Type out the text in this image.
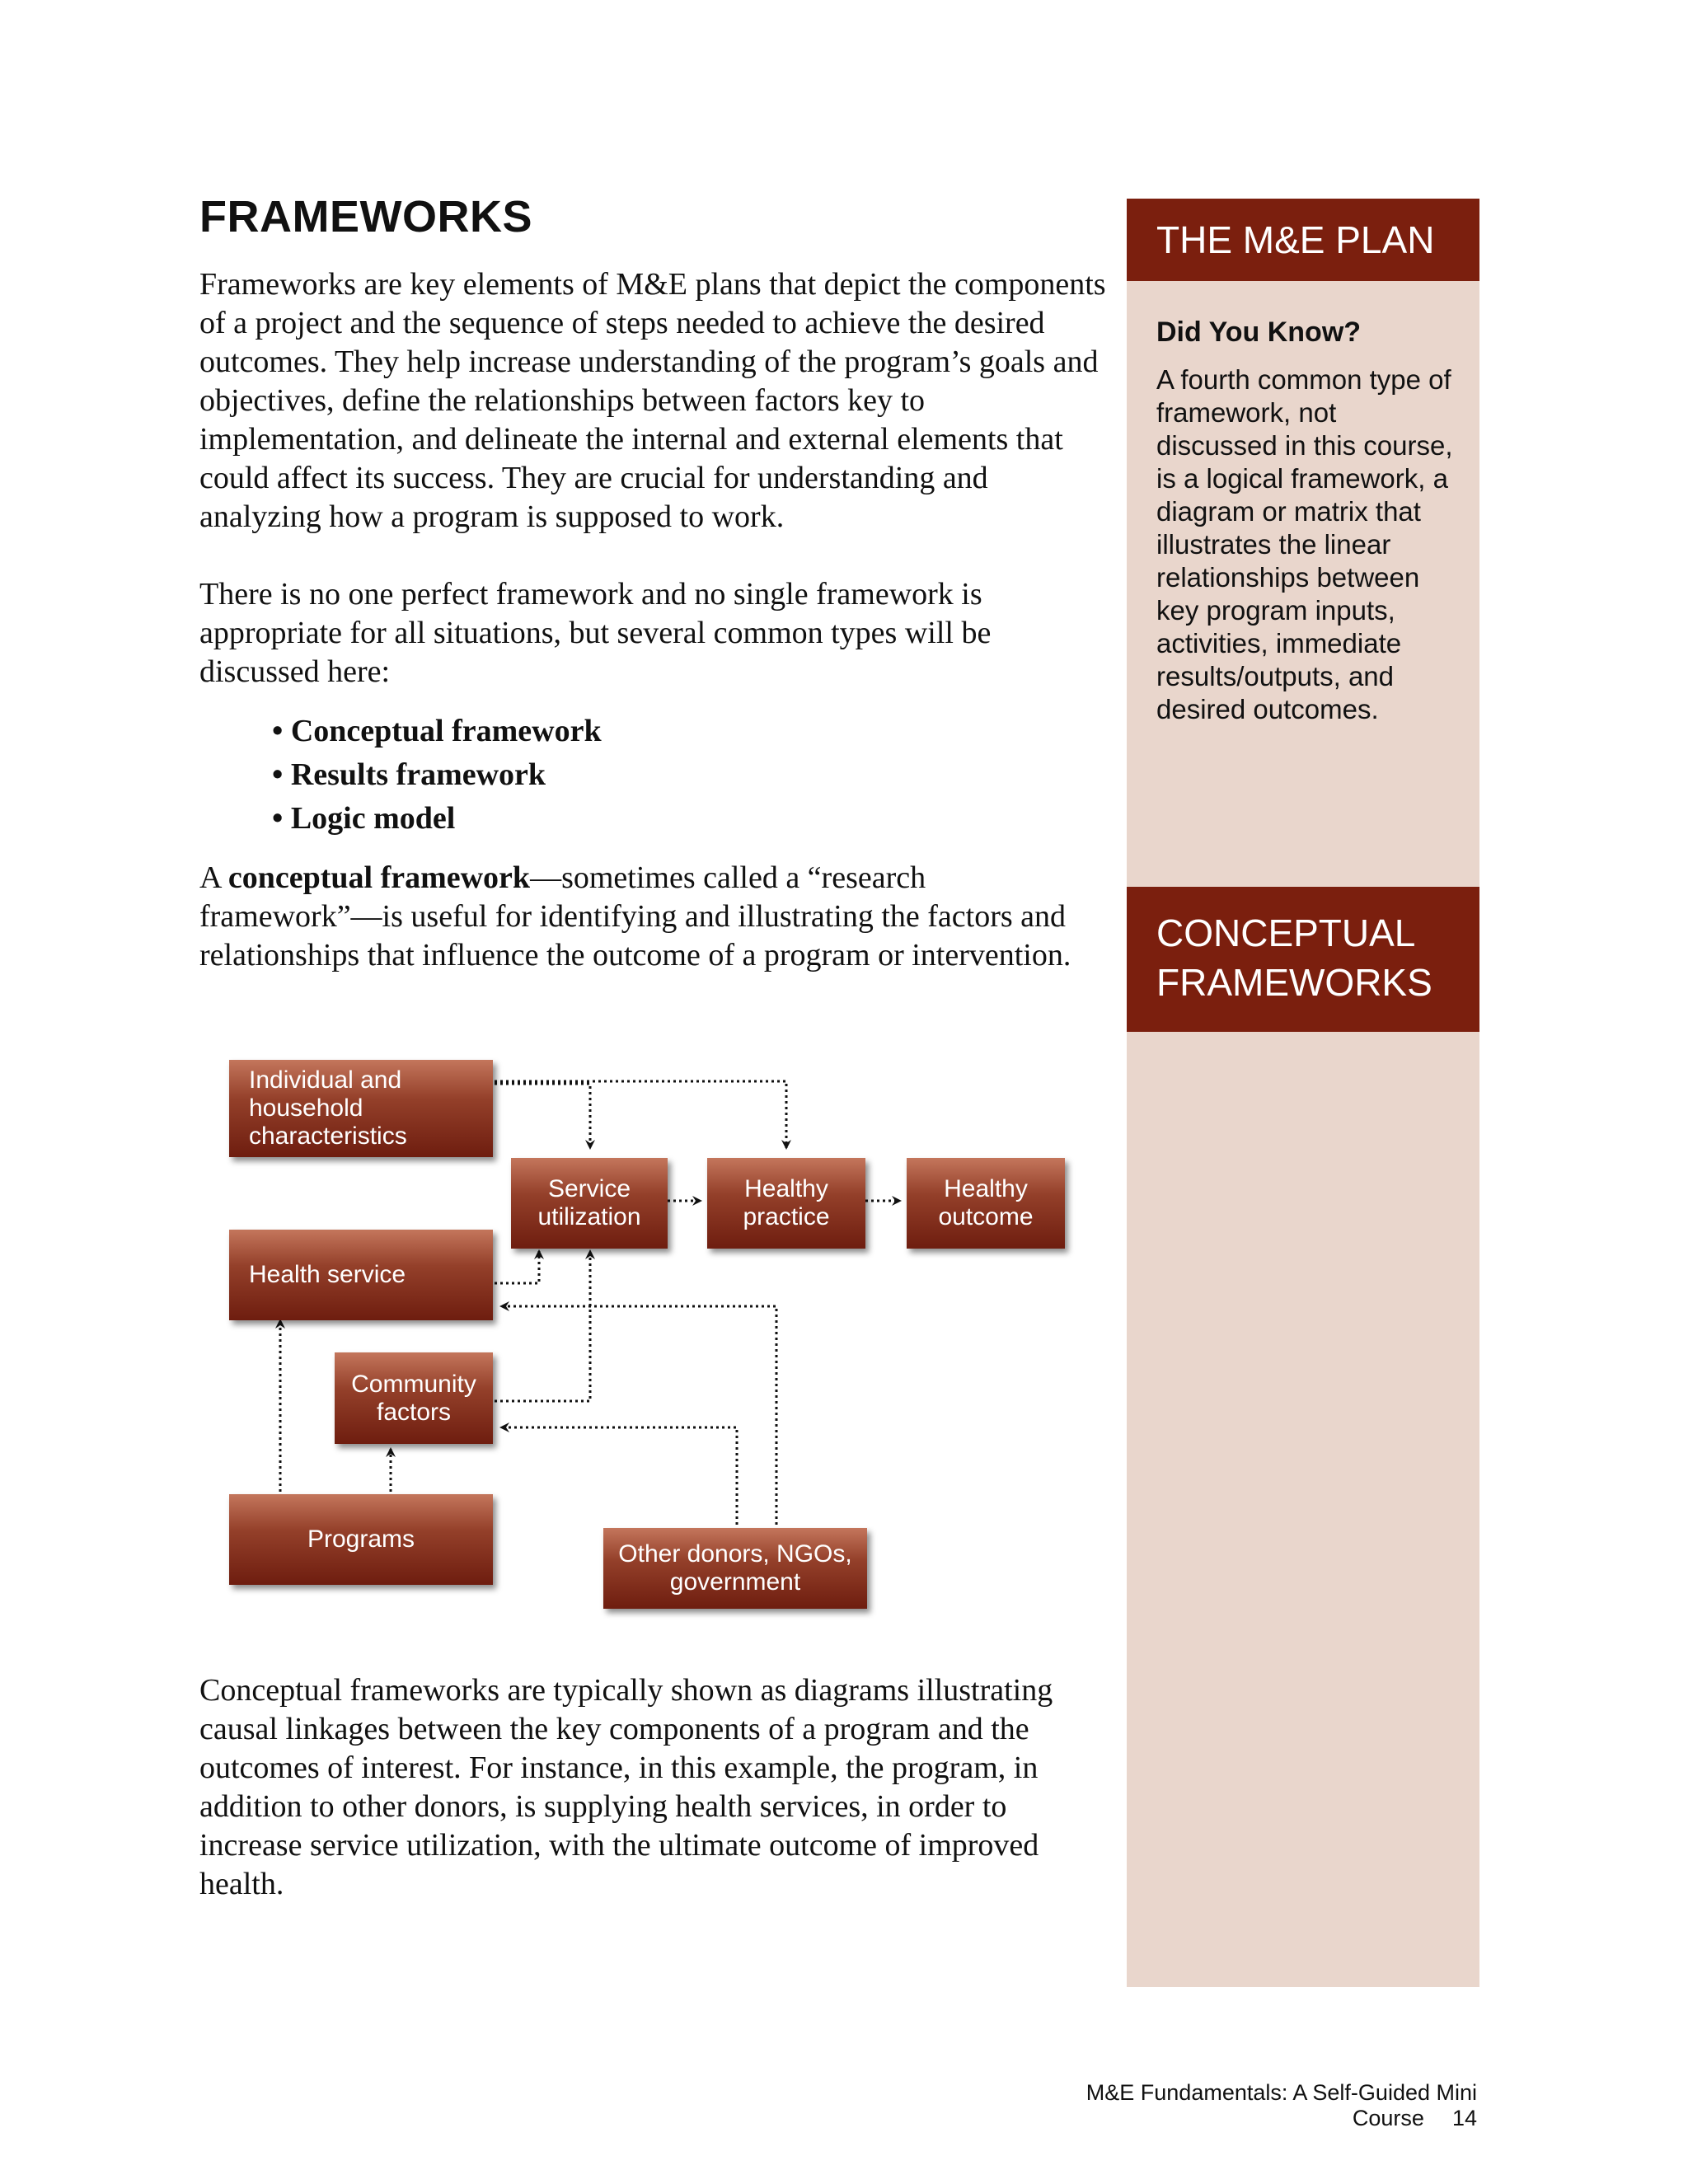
FRAMEWORKS

Frameworks are key elements of M&E plans that depict the components of a project and the sequence of steps needed to achieve the desired outcomes. They help increase understanding of the program’s goals and objectives, define the relationships between factors key to implementation, and delineate the internal and external elements that could affect its success. They are crucial for understanding and analyzing how a program is supposed to work.

There is no one perfect framework and no single framework is appropriate for all situations, but several common types will be discussed here:

• Conceptual framework
• Results framework
• Logic model

A conceptual framework—sometimes called a “research framework”—is useful for identifying and illustrating the factors and relationships that influence the outcome of a program or intervention.

Individual and household characteristics
Service utilization
Healthy practice
Healthy outcome
Health service
Community factors
Programs
Other donors, NGOs, government

Conceptual frameworks are typically shown as diagrams illustrating causal linkages between the key components of a program and the outcomes of interest. For instance, in this example, the program, in addition to other donors, is supplying health services, in order to increase service utilization, with the ultimate outcome of improved health.

THE M&E PLAN
Did You Know?

A fourth common type of framework, not discussed in this course, is a logical framework, a diagram or matrix that illustrates the linear relationships between key program inputs, activities, immediate results/outputs, and desired outcomes.

CONCEPTUAL FRAMEWORKS
M&E Fundamentals: A Self-Guided Mini Course 14
